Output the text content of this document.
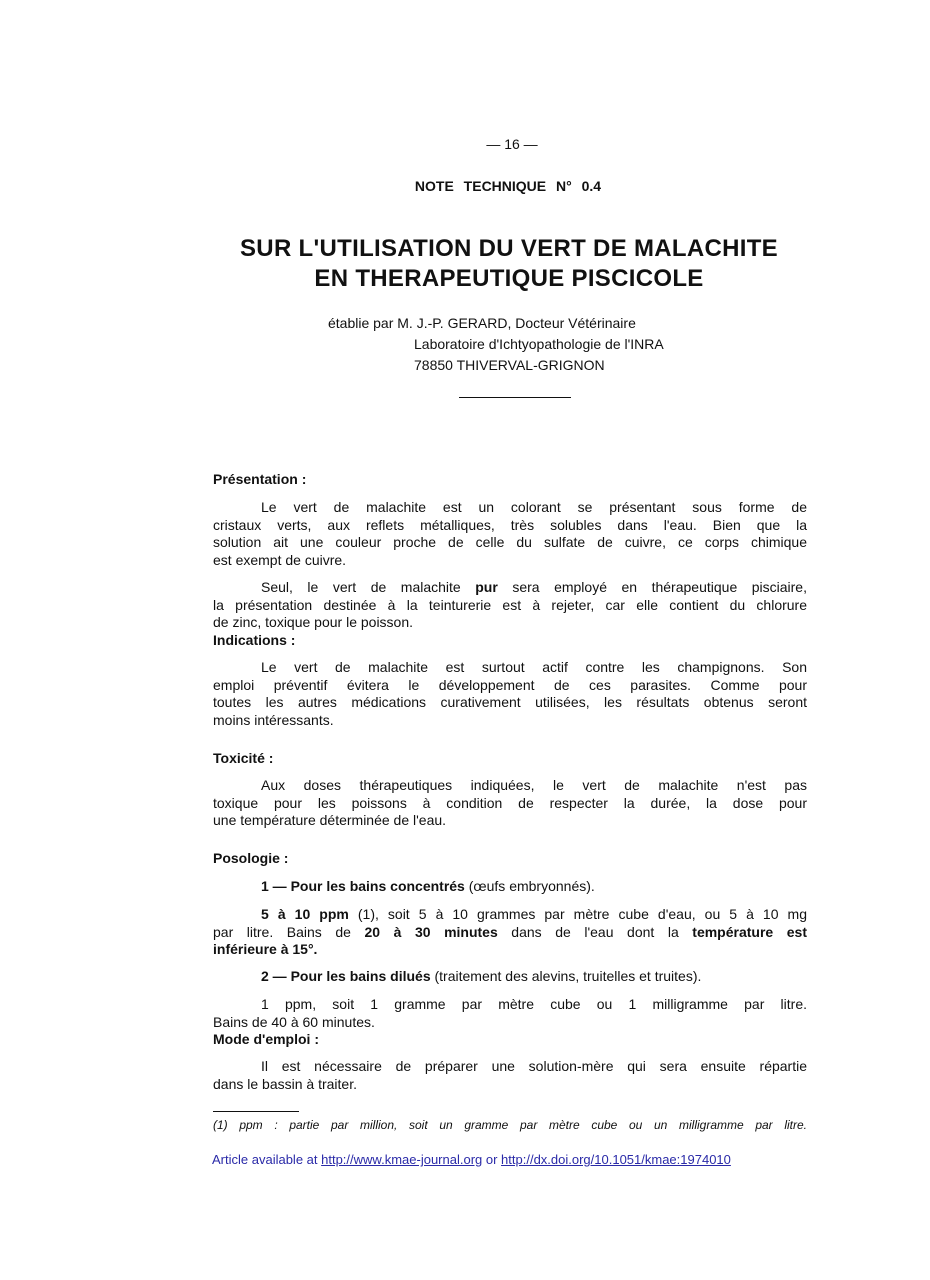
— 16 —
NOTE TECHNIQUE N° 0.4
SUR L'UTILISATION DU VERT DE MALACHITE
EN THERAPEUTIQUE PISCICOLE
établie par M. J.-P. GERARD, Docteur Vétérinaire
Laboratoire d'Ichtyopathologie de l'INRA
78850 THIVERVAL-GRIGNON
Présentation :
Le vert de malachite est un colorant se présentant sous forme de
cristaux verts, aux reflets métalliques, très solubles dans l'eau. Bien que la
solution ait une couleur proche de celle du sulfate de cuivre, ce corps chimique
est exempt de cuivre.
Seul, le vert de malachite pur sera employé en thérapeutique pisciaire,
la présentation destinée à la teinturerie est à rejeter, car elle contient du chlorure
de zinc, toxique pour le poisson.
Indications :
Le vert de malachite est surtout actif contre les champignons. Son
emploi préventif évitera le développement de ces parasites. Comme pour
toutes les autres médications curativement utilisées, les résultats obtenus seront
moins intéressants.
Toxicité :
Aux doses thérapeutiques indiquées, le vert de malachite n'est pas
toxique pour les poissons à condition de respecter la durée, la dose pour
une température déterminée de l'eau.
Posologie :
1 — Pour les bains concentrés (œufs embryonnés).
5 à 10 ppm (1), soit 5 à 10 grammes par mètre cube d'eau, ou 5 à 10 mg
par litre. Bains de 20 à 30 minutes dans de l'eau dont la température est
inférieure à 15°.
2 — Pour les bains dilués (traitement des alevins, truitelles et truites).
1 ppm, soit 1 gramme par mètre cube ou 1 milligramme par litre.
Bains de 40 à 60 minutes.
Mode d'emploi :
Il est nécessaire de préparer une solution-mère qui sera ensuite répartie
dans le bassin à traiter.
(1) ppm : partie par million, soit un gramme par mètre cube ou un milligramme par litre.
Article available at http://www.kmae-journal.org or http://dx.doi.org/10.1051/kmae:1974010
